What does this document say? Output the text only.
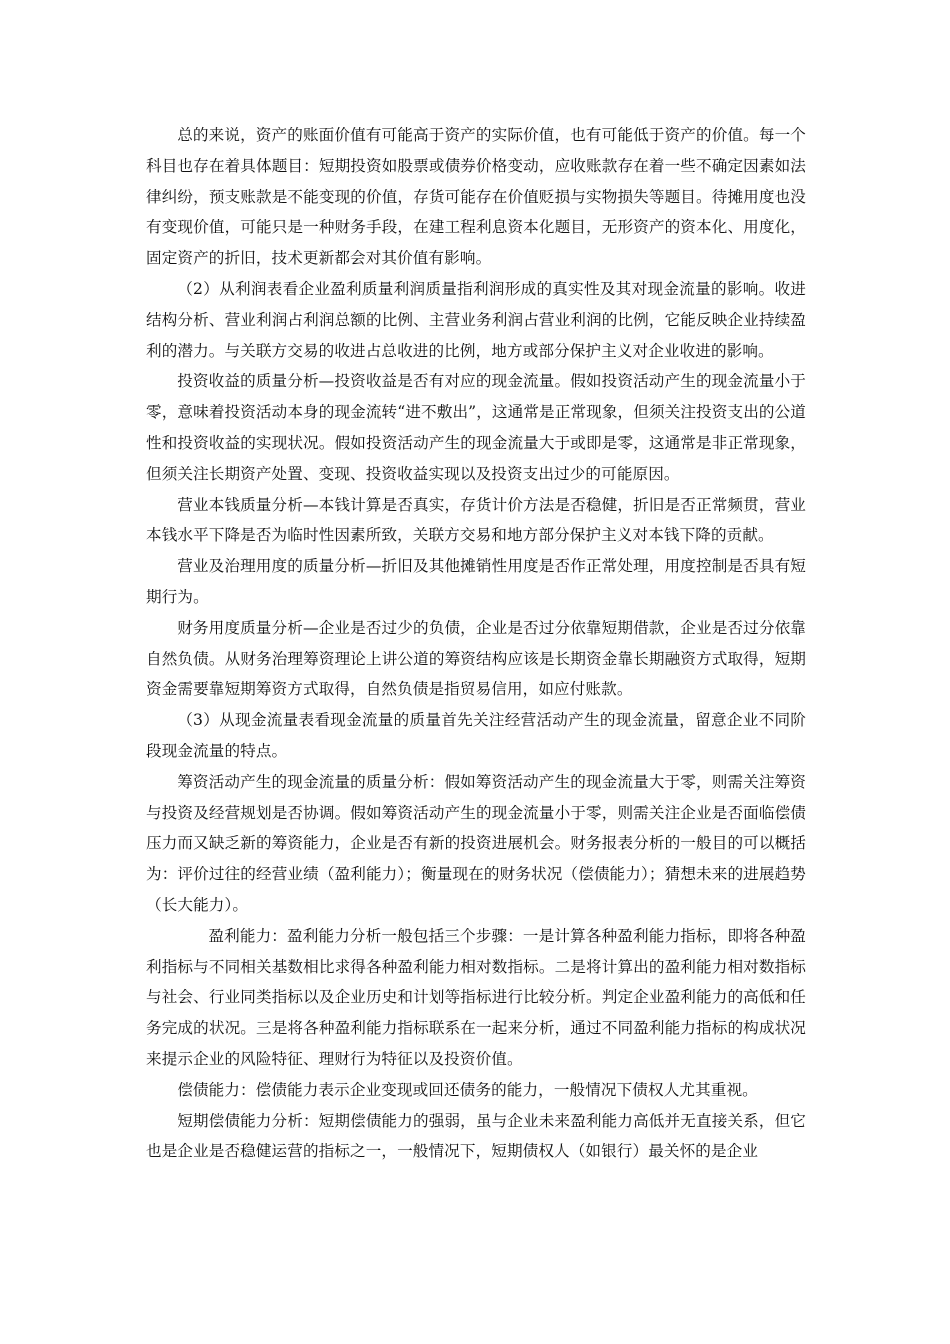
总的来说，资产的账面价值有可能高于资产的实际价值，也有可能低于资产的价值。每一个科目也存在着具体题目：短期投资如股票或债券价格变动，应收账款存在着一些不确定因素如法律纠纷，预支账款是不能变现的价值，存货可能存在价值贬损与实物损失等题目。待摊用度也没有变现价值，可能只是一种财务手段，在建工程利息资本化题目，无形资产的资本化、用度化，固定资产的折旧，技术更新都会对其价值有影响。

（2）从利润表看企业盈利质量利润质量指利润形成的真实性及其对现金流量的影响。收进结构分析、营业利润占利润总额的比例、主营业务利润占营业利润的比例，它能反映企业持续盈利的潜力。与关联方交易的收进占总收进的比例，地方或部分保护主义对企业收进的影响。

投资收益的质量分析—投资收益是否有对应的现金流量。假如投资活动产生的现金流量小于零，意味着投资活动本身的现金流转“进不敷出”，这通常是正常现象，但须关注投资支出的公道性和投资收益的实现状况。假如投资活动产生的现金流量大于或即是零，这通常是非正常现象，但须关注长期资产处置、变现、投资收益实现以及投资支出过少的可能原因。

营业本钱质量分析—本钱计算是否真实，存货计价方法是否稳健，折旧是否正常频贯，营业本钱水平下降是否为临时性因素所致，关联方交易和地方部分保护主义对本钱下降的贡献。

营业及治理用度的质量分析—折旧及其他摊销性用度是否作正常处理，用度控制是否具有短期行为。

财务用度质量分析—企业是否过少的负债，企业是否过分依靠短期借款，企业是否过分依靠自然负债。从财务治理筹资理论上讲公道的筹资结构应该是长期资金靠长期融资方式取得，短期资金需要靠短期筹资方式取得，自然负债是指贸易信用，如应付账款。

（3）从现金流量表看现金流量的质量首先关注经营活动产生的现金流量，留意企业不同阶段现金流量的特点。

筹资活动产生的现金流量的质量分析：假如筹资活动产生的现金流量大于零，则需关注筹资与投资及经营规划是否协调。假如筹资活动产生的现金流量小于零，则需关注企业是否面临偿债压力而又缺乏新的筹资能力，企业是否有新的投资进展机会。财务报表分析的一般目的可以概括为：评价过往的经营业绩（盈利能力）；衡量现在的财务状况（偿债能力）；猜想未来的进展趋势（长大能力）。

盈利能力：盈利能力分析一般包括三个步骤：一是计算各种盈利能力指标，即将各种盈利指标与不同相关基数相比求得各种盈利能力相对数指标。二是将计算出的盈利能力相对数指标与社会、行业同类指标以及企业历史和计划等指标进行比较分析。判定企业盈利能力的高低和任务完成的状况。三是将各种盈利能力指标联系在一起来分析，通过不同盈利能力指标的构成状况来提示企业的风险特征、理财行为特征以及投资价值。

偿债能力：偿债能力表示企业变现或回还债务的能力，一般情况下债权人尤其重视。

短期偿债能力分析：短期偿债能力的强弱，虽与企业未来盈利能力高低并无直接关系，但它也是企业是否稳健运营的指标之一，一般情况下，短期债权人（如银行）最关怀的是企业
